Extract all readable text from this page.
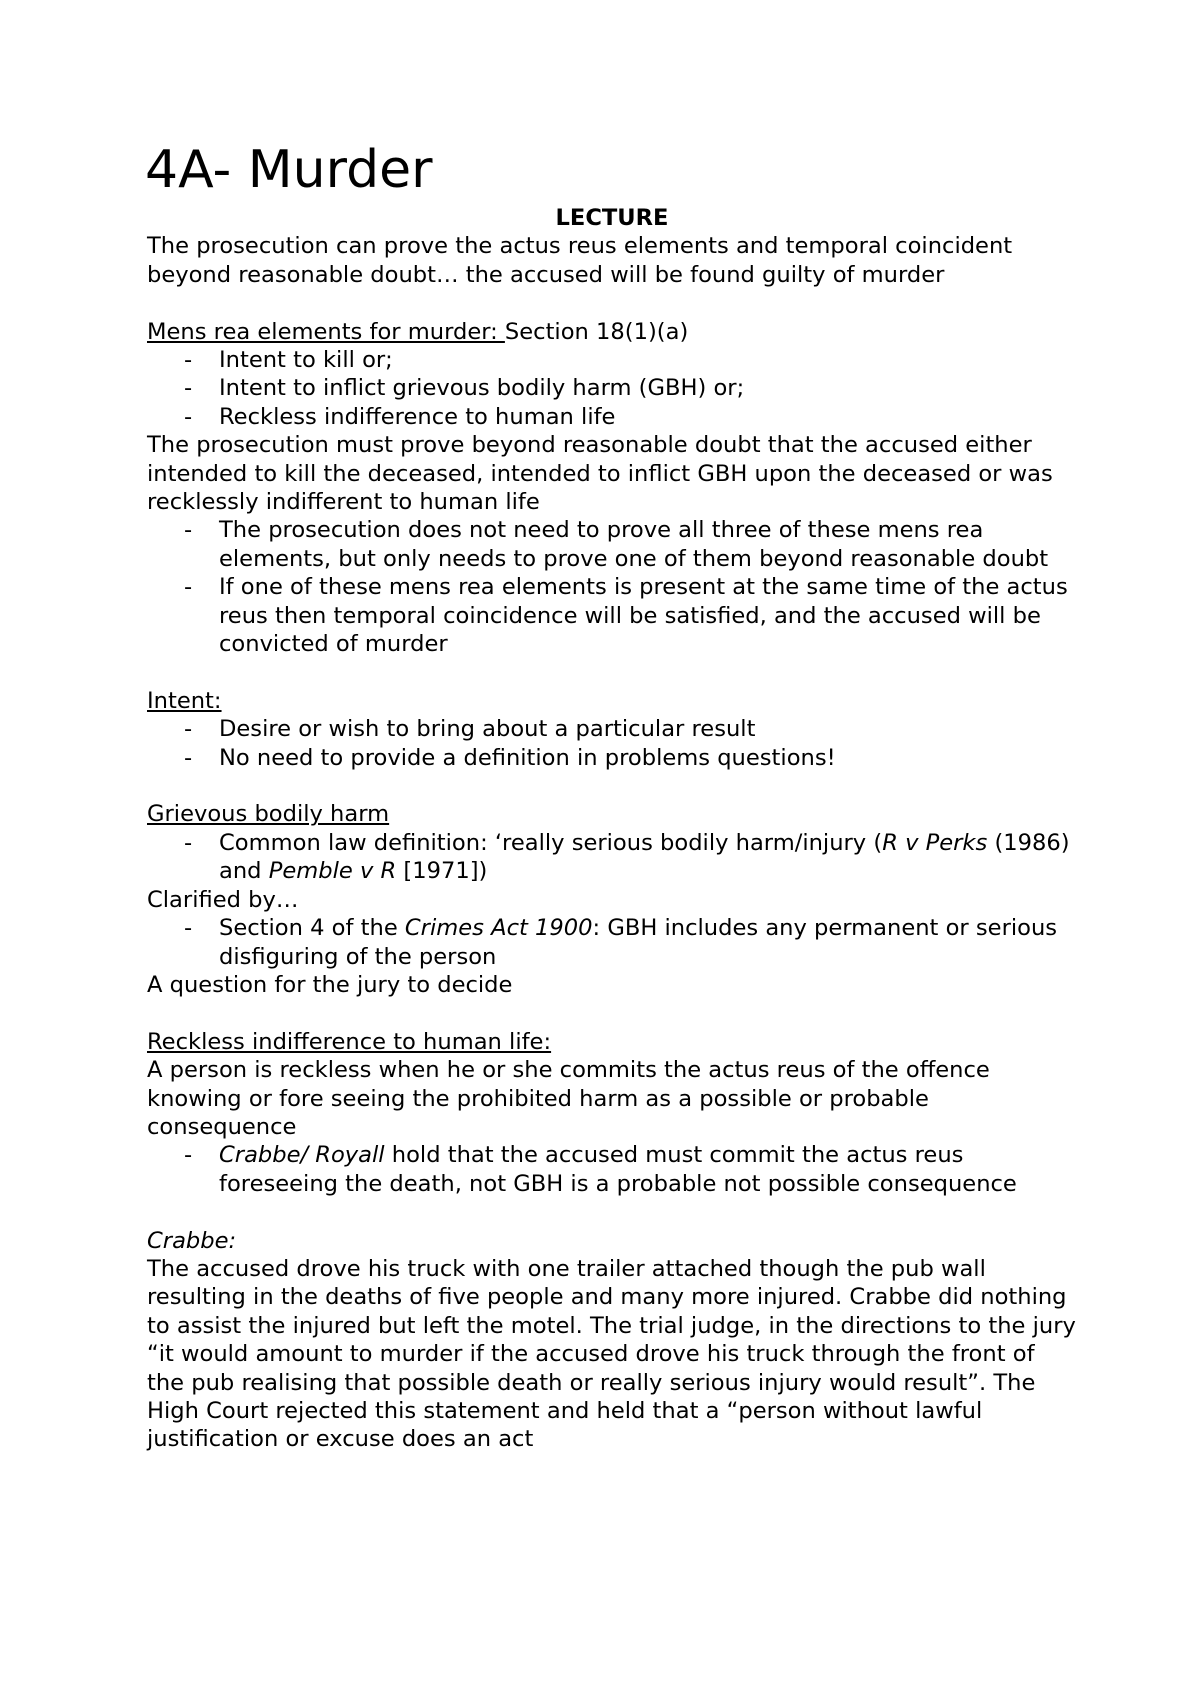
4A- Murder

LECTURE

The prosecution can prove the actus reus elements and temporal coincident beyond reasonable doubt… the accused will be found guilty of murder

Mens rea elements for murder: Section 18(1)(a)

- Intent to kill or;
- Intent to inflict grievous bodily harm (GBH) or;
- Reckless indifference to human life

The prosecution must prove beyond reasonable doubt that the accused either intended to kill the deceased, intended to inflict GBH upon the deceased or was recklessly indifferent to human life

- The prosecution does not need to prove all three of these mens rea elements, but only needs to prove one of them beyond reasonable doubt
- If one of these mens rea elements is present at the same time of the actus reus then temporal coincidence will be satisfied, and the accused will be convicted of murder

Intent:

- Desire or wish to bring about a particular result
- No need to provide a definition in problems questions!

Grievous bodily harm

- Common law definition: ‘really serious bodily harm/injury (R v Perks (1986) and Pemble v R [1971])

Clarified by…

- Section 4 of the Crimes Act 1900: GBH includes any permanent or serious disfiguring of the person

A question for the jury to decide

Reckless indifference to human life:

A person is reckless when he or she commits the actus reus of the offence knowing or fore seeing the prohibited harm as a possible or probable consequence

- Crabbe/ Royall hold that the accused must commit the actus reus foreseeing the death, not GBH is a probable not possible consequence

Crabbe:

The accused drove his truck with one trailer attached though the pub wall resulting in the deaths of five people and many more injured. Crabbe did nothing to assist the injured but left the motel. The trial judge, in the directions to the jury “it would amount to murder if the accused drove his truck through the front of the pub realising that possible death or really serious injury would result”. The High Court rejected this statement and held that a “person without lawful justification or excuse does an act
